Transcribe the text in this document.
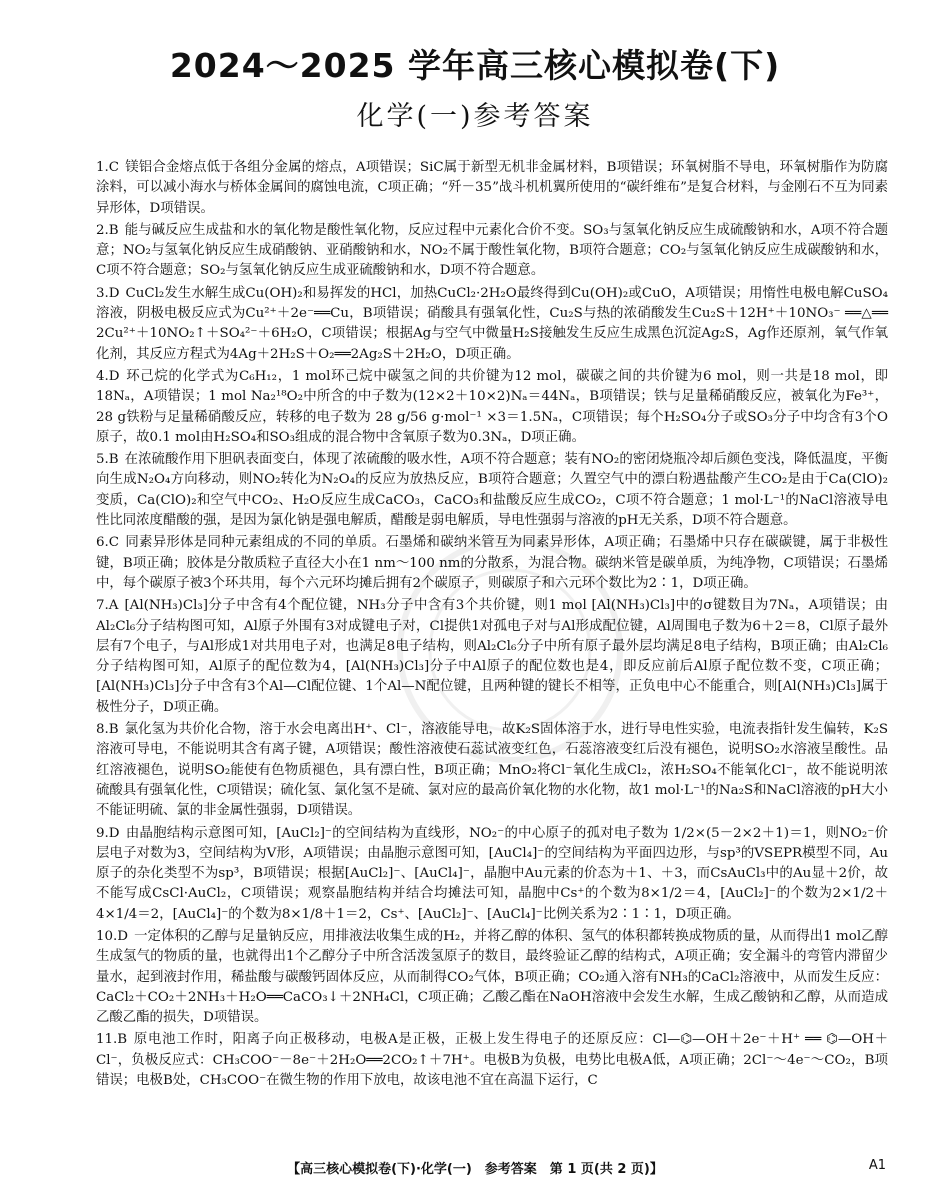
2024～2025 学年高三核心模拟卷(下)
化学(一)参考答案

1.C 镁铝合金熔点低于各组分金属的熔点，A项错误；SiC属于新型无机非金属材料，B项错误；环氧树脂不导电，环氧树脂作为防腐涂料，可以减小海水与桥体金属间的腐蚀电流，C项正确；“歼－35”战斗机机翼所使用的“碳纤维布”是复合材料，与金刚石不互为同素异形体，D项错误。

2.B 能与碱反应生成盐和水的氧化物是酸性氧化物，反应过程中元素化合价不变。SO₃与氢氧化钠反应生成硫酸钠和水，A项不符合题意；NO₂与氢氧化钠反应生成硝酸钠、亚硝酸钠和水，NO₂不属于酸性氧化物，B项符合题意；CO₂与氢氧化钠反应生成碳酸钠和水，C项不符合题意；SO₂与氢氧化钠反应生成亚硫酸钠和水，D项不符合题意。

3.D CuCl₂发生水解生成Cu(OH)₂和易挥发的HCl，加热CuCl₂·2H₂O最终得到Cu(OH)₂或CuO，A项错误；用惰性电极电解CuSO₄溶液，阴极电极反应式为Cu²⁺＋2e⁻══Cu，B项错误；硝酸具有强氧化性，Cu₂S与热的浓硝酸发生Cu₂S＋12H⁺＋10NO₃⁻ ══△══ 2Cu²⁺＋10NO₂↑＋SO₄²⁻＋6H₂O，C项错误；根据Ag与空气中微量H₂S接触发生反应生成黑色沉淀Ag₂S，Ag作还原剂，氧气作氧化剂，其反应方程式为4Ag＋2H₂S＋O₂══2Ag₂S＋2H₂O，D项正确。

4.D 环己烷的化学式为C₆H₁₂，1 mol环己烷中碳氢之间的共价键为12 mol，碳碳之间的共价键为6 mol，则一共是18 mol，即18Nₐ，A项错误；1 mol Na₂¹⁸O₂中所含的中子数为(12×2＋10×2)Nₐ＝44Nₐ，B项错误；铁与足量稀硝酸反应，被氧化为Fe³⁺，28 g铁粉与足量稀硝酸反应，转移的电子数为 28 g/56 g·mol⁻¹ ×3＝1.5Nₐ，C项错误；每个H₂SO₄分子或SO₃分子中均含有3个O原子，故0.1 mol由H₂SO₄和SO₃组成的混合物中含氧原子数为0.3Nₐ，D项正确。

5.B 在浓硫酸作用下胆矾表面变白，体现了浓硫酸的吸水性，A项不符合题意；装有NO₂的密闭烧瓶冷却后颜色变浅，降低温度，平衡向生成N₂O₄方向移动，则NO₂转化为N₂O₄的反应为放热反应，B项符合题意；久置空气中的漂白粉遇盐酸产生CO₂是由于Ca(ClO)₂变质，Ca(ClO)₂和空气中CO₂、H₂O反应生成CaCO₃，CaCO₃和盐酸反应生成CO₂，C项不符合题意；1 mol·L⁻¹的NaCl溶液导电性比同浓度醋酸的强，是因为氯化钠是强电解质，醋酸是弱电解质，导电性强弱与溶液的pH无关系，D项不符合题意。

6.C 同素异形体是同种元素组成的不同的单质。石墨烯和碳纳米管互为同素异形体，A项正确；石墨烯中只存在碳碳键，属于非极性键，B项正确；胶体是分散质粒子直径大小在1 nm～100 nm的分散系，为混合物。碳纳米管是碳单质，为纯净物，C项错误；石墨烯中，每个碳原子被3个环共用，每个六元环均摊后拥有2个碳原子，则碳原子和六元环个数比为2∶1，D项正确。

7.A [Al(NH₃)Cl₃]分子中含有4个配位键，NH₃分子中含有3个共价键，则1 mol [Al(NH₃)Cl₃]中的σ键数目为7Nₐ，A项错误；由Al₂Cl₆分子结构图可知，Al原子外围有3对成键电子对，Cl提供1对孤电子对与Al形成配位键，Al周围电子数为6＋2＝8，Cl原子最外层有7个电子，与Al形成1对共用电子对，也满足8电子结构，则Al₂Cl₆分子中所有原子最外层均满足8电子结构，B项正确；由Al₂Cl₆分子结构图可知，Al原子的配位数为4，[Al(NH₃)Cl₃]分子中Al原子的配位数也是4，即反应前后Al原子配位数不变，C项正确；[Al(NH₃)Cl₃]分子中含有3个Al—Cl配位键、1个Al—N配位键，且两种键的键长不相等，正负电中心不能重合，则[Al(NH₃)Cl₃]属于极性分子，D项正确。

8.B 氯化氢为共价化合物，溶于水会电离出H⁺、Cl⁻，溶液能导电，故K₂S固体溶于水，进行导电性实验，电流表指针发生偏转，K₂S溶液可导电，不能说明其含有离子键，A项错误；酸性溶液使石蕊试液变红色，石蕊溶液变红后没有褪色，说明SO₂水溶液呈酸性。品红溶液褪色，说明SO₂能使有色物质褪色，具有漂白性，B项正确；MnO₂将Cl⁻氧化生成Cl₂，浓H₂SO₄不能氧化Cl⁻，故不能说明浓硫酸具有强氧化性，C项错误；硫化氢、氯化氢不是硫、氯对应的最高价氧化物的水化物，故1 mol·L⁻¹的Na₂S和NaCl溶液的pH大小不能证明硫、氯的非金属性强弱，D项错误。

9.D 由晶胞结构示意图可知，[AuCl₂]⁻的空间结构为直线形，NO₂⁻的中心原子的孤对电子数为 1/2×(5－2×2＋1)＝1，则NO₂⁻价层电子对数为3，空间结构为V形，A项错误；由晶胞示意图可知，[AuCl₄]⁻的空间结构为平面四边形，与sp³的VSEPR模型不同，Au原子的杂化类型不为sp³，B项错误；根据[AuCl₂]⁻、[AuCl₄]⁻，晶胞中Au元素的价态为＋1、＋3，而CsAuCl₃中的Au显＋2价，故不能写成CsCl·AuCl₂，C项错误；观察晶胞结构并结合均摊法可知，晶胞中Cs⁺的个数为8×1/2＝4，[AuCl₂]⁻的个数为2×1/2＋4×1/4＝2，[AuCl₄]⁻的个数为8×1/8＋1＝2，Cs⁺、[AuCl₂]⁻、[AuCl₄]⁻比例关系为2∶1∶1，D项正确。

10.D 一定体积的乙醇与足量钠反应，用排液法收集生成的H₂，并将乙醇的体积、氢气的体积都转换成物质的量，从而得出1 mol乙醇生成氢气的物质的量，也就得出1个乙醇分子中所含活泼氢原子的数目，最终验证乙醇的结构式，A项正确；安全漏斗的弯管内滞留少量水，起到液封作用，稀盐酸与碳酸钙固体反应，从而制得CO₂气体，B项正确；CO₂通入溶有NH₃的CaCl₂溶液中，从而发生反应：CaCl₂＋CO₂＋2NH₃＋H₂O══CaCO₃↓＋2NH₄Cl，C项正确；乙酸乙酯在NaOH溶液中会发生水解，生成乙酸钠和乙醇，从而造成乙酸乙酯的损失，D项错误。

11.B 原电池工作时，阳离子向正极移动，电极A是正极，正极上发生得电子的还原反应：Cl—⌬—OH＋2e⁻＋H⁺ ══ ⌬—OH＋Cl⁻，负极反应式：CH₃COO⁻－8e⁻＋2H₂O══2CO₂↑＋7H⁺。电极B为负极，电势比电极A低，A项正确；2Cl⁻～4e⁻～CO₂，B项错误；电极B处，CH₃COO⁻在微生物的作用下放电，故该电池不宜在高温下运行，C

【高三核心模拟卷(下)·化学(一)　参考答案　第 1 页(共 2 页)】	A1
